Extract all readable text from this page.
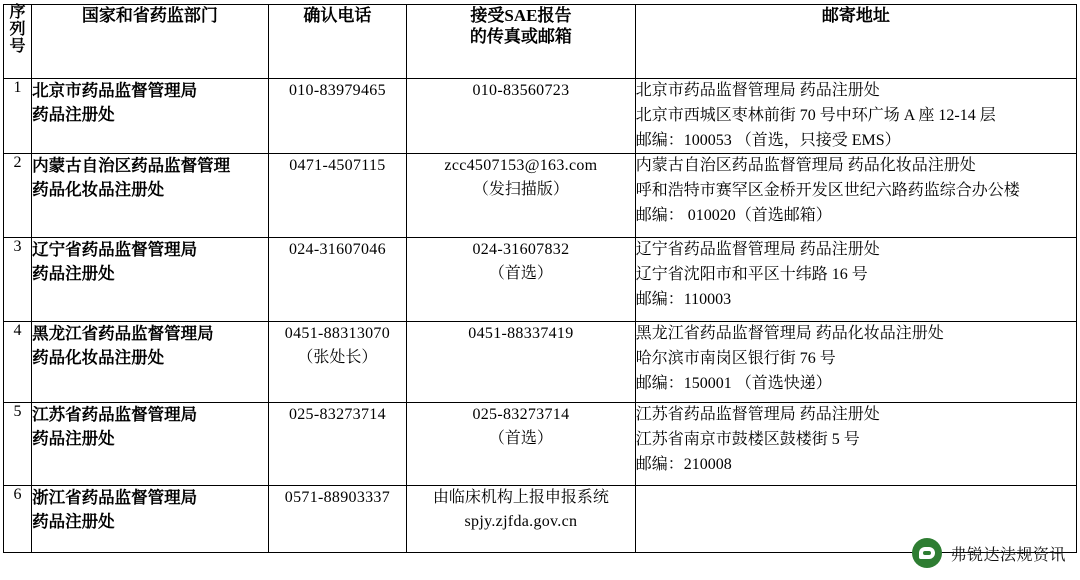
序
列
号	国家和省药监部门	确认电话	接受SAE报告
的传真或邮箱	邮寄地址
1	北京市药品监督管理局
药品注册处	010-83979465	010-83560723	北京市药品监督管理局 药品注册处
北京市西城区枣林前街 70 号中环广场 A 座 12-14 层
邮编：100053 （首选，只接受 EMS）

2	内蒙古自治区药品监督管理
药品化妆品注册处	0471-4507115	zcc4507153@163.com
（发扫描版）	内蒙古自治区药品监督管理局 药品化妆品注册处
呼和浩特市赛罕区金桥开发区世纪六路药监综合办公楼
邮编： 010020（首选邮箱）

3	辽宁省药品监督管理局
药品注册处	024-31607046	024-31607832
（首选）	辽宁省药品监督管理局 药品注册处
辽宁省沈阳市和平区十纬路 16 号
邮编：110003

4	黑龙江省药品监督管理局
药品化妆品注册处	0451-88313070
（张处长）	0451-88337419	黑龙江省药品监督管理局 药品化妆品注册处
哈尔滨市南岗区银行街 76 号
邮编：150001 （首选快递）

5	江苏省药品监督管理局
药品注册处	025-83273714	025-83273714
（首选）	江苏省药品监督管理局 药品注册处
江苏省南京市鼓楼区鼓楼街 5 号
邮编：210008

6	浙江省药品监督管理局
药品注册处	0571-88903337	由临床机构上报申报系统
spjy.zjfda.gov.cn	

弗锐达法规资讯
